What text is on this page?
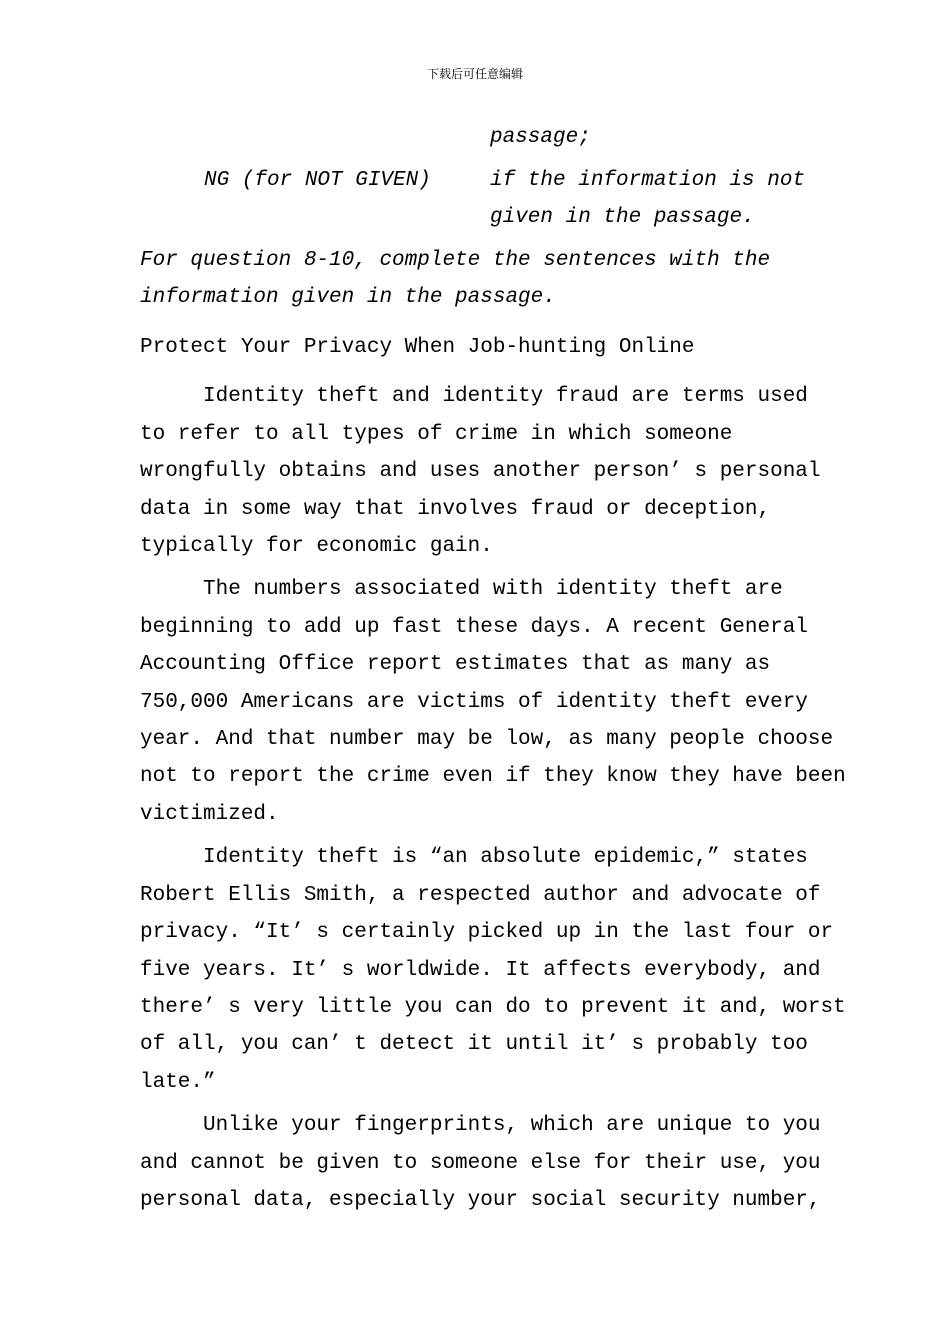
下载后可任意编辑
passage;
NG (for NOT GIVEN)	if the information is not
given in the passage.
For question 8-10, complete the sentences with the
information given in the passage.
Protect Your Privacy When Job-hunting Online
Identity theft and identity fraud are terms used
to refer to all types of crime in which someone
wrongfully obtains and uses another person’ s personal
data in some way that involves fraud or deception,
typically for economic gain.
The numbers associated with identity theft are
beginning to add up fast these days. A recent General
Accounting Office report estimates that as many as
750,000 Americans are victims of identity theft every
year. And that number may be low, as many people choose
not to report the crime even if they know they have been
victimized.
Identity theft is “an absolute epidemic,” states
Robert Ellis Smith, a respected author and advocate of
privacy. “It’ s certainly picked up in the last four or
five years. It’ s worldwide. It affects everybody, and
there’ s very little you can do to prevent it and, worst
of all, you can’ t detect it until it’ s probably too
late.”
Unlike your fingerprints, which are unique to you
and cannot be given to someone else for their use, you
personal data, especially your social security number,
